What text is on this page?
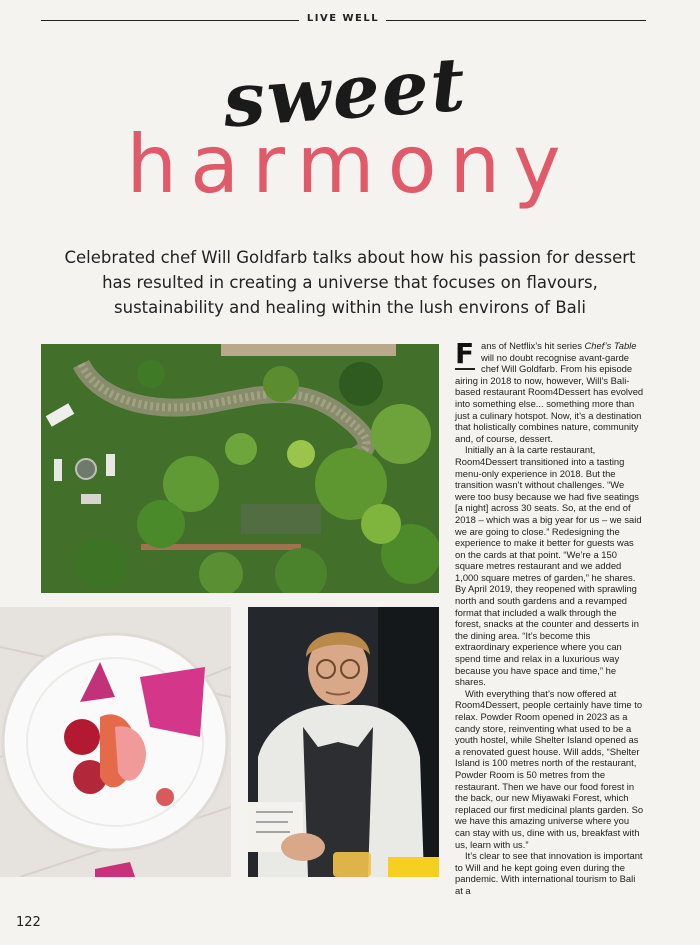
LIVE WELL
sweet
harmony
Celebrated chef Will Goldfarb talks about how his passion for dessert has resulted in creating a universe that focuses on flavours, sustainability and healing within the lush environs of Bali

F ans of Netflix’s hit series Chef’s Table will no doubt recognise avant-garde chef Will Goldfarb. From his episode airing in 2018 to now, however, Will’s Bali-based restaurant Room4Dessert has evolved into something else... something more than just a culinary hotspot. Now, it’s a destination that holistically combines nature, community and, of course, dessert.

Initially an à la carte restaurant, Room4Dessert transitioned into a tasting menu-only experience in 2018. But the transition wasn’t without challenges. “We were too busy because we had five seatings [a night] across 30 seats. So, at the end of 2018 – which was a big year for us – we said we are going to close.” Redesigning the experience to make it better for guests was on the cards at that point. “We’re a 150 square metres restaurant and we added 1,000 square metres of garden,” he shares. By April 2019, they reopened with sprawling north and south gardens and a revamped format that included a walk through the forest, snacks at the counter and desserts in the dining area. “It’s become this extraordinary experience where you can spend time and relax in a luxurious way because you have space and time,” he shares.

With everything that’s now offered at Room4Dessert, people certainly have time to relax. Powder Room opened in 2023 as a candy store, reinventing what used to be a youth hostel, while Shelter Island opened as a renovated guest house. Will adds, “Shelter Island is 100 metres north of the restaurant, Powder Room is 50 metres from the restaurant. Then we have our food forest in the back, our new Miyawaki Forest, which replaced our first medicinal plants garden. So we have this amazing universe where you can stay with us, dine with us, breakfast with us, learn with us.”

It’s clear to see that innovation is important to Will and he kept going even during the pandemic. With international tourism to Bali at a

122
